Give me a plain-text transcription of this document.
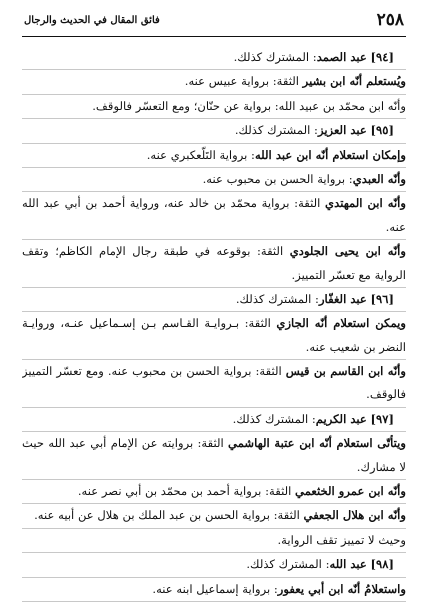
٢٥٨
فائق المقال في الحديث والرجال
[٩٤] عبد الصمد: المشترك كذلك.
ويُستعلم أنّه ابن بشير الثقة: برواية عبيس عنه.
وأنّه ابن محمّد بن عبيد الله: برواية عن حنّان؛ ومع التعسّر فالوقف.
[٩٥] عبد العزيز: المشترك كذلك.
وإمكان استعلام أنّه ابن عبد الله: برواية التَلّعكبري عنه.
وأنّه العبدي: برواية الحسن بن محبوب عنه.
وأنّه ابن المهتدي الثقة: برواية محمّد بن خالد عنه، ورواية أحمد بن أبي عبد الله
عنه.
وأنّه ابن يحيى الجلودي الثقة: بوقوعه في طبقة رجال الإمام الكاظم؛ وتقف
الرواية مع تعسّر التمييز.
[٩٦] عبد الغفّار: المشترك كذلك.
ويمكن استعلام أنّه الجازي الثقة: بـروايـة القـاسم بـن إسـماعيل عنـه، وروايـة
النضر بن شعيب عنه.
وأنّه ابن القاسم بن قيس الثقة: برواية الحسن بن محبوب عنه. ومع تعسّر التمييز
فالوقف.
[٩٧] عبد الكريم: المشترك كذلك.
ويتأتّى استعلام أنّه ابن عتبة الهاشمي الثقة: بروايته عن الإمام أبي عبد الله حيث
لا مشارك.
وأنّه ابن عمرو الخثعمي الثقة: برواية أحمد بن محمّد بن أبي نصر عنه.
وأنّه ابن هلال الجعفي الثقة: برواية الحسن بن عبد الملك بن هلال عن أبيه عنه.
وحيث لا تمييز تقف الرواية.
[٩٨] عبد الله: المشترك كذلك.
واستعلامُ أنّه ابن أبي يعفور: برواية إسماعيل ابنه عنه.
